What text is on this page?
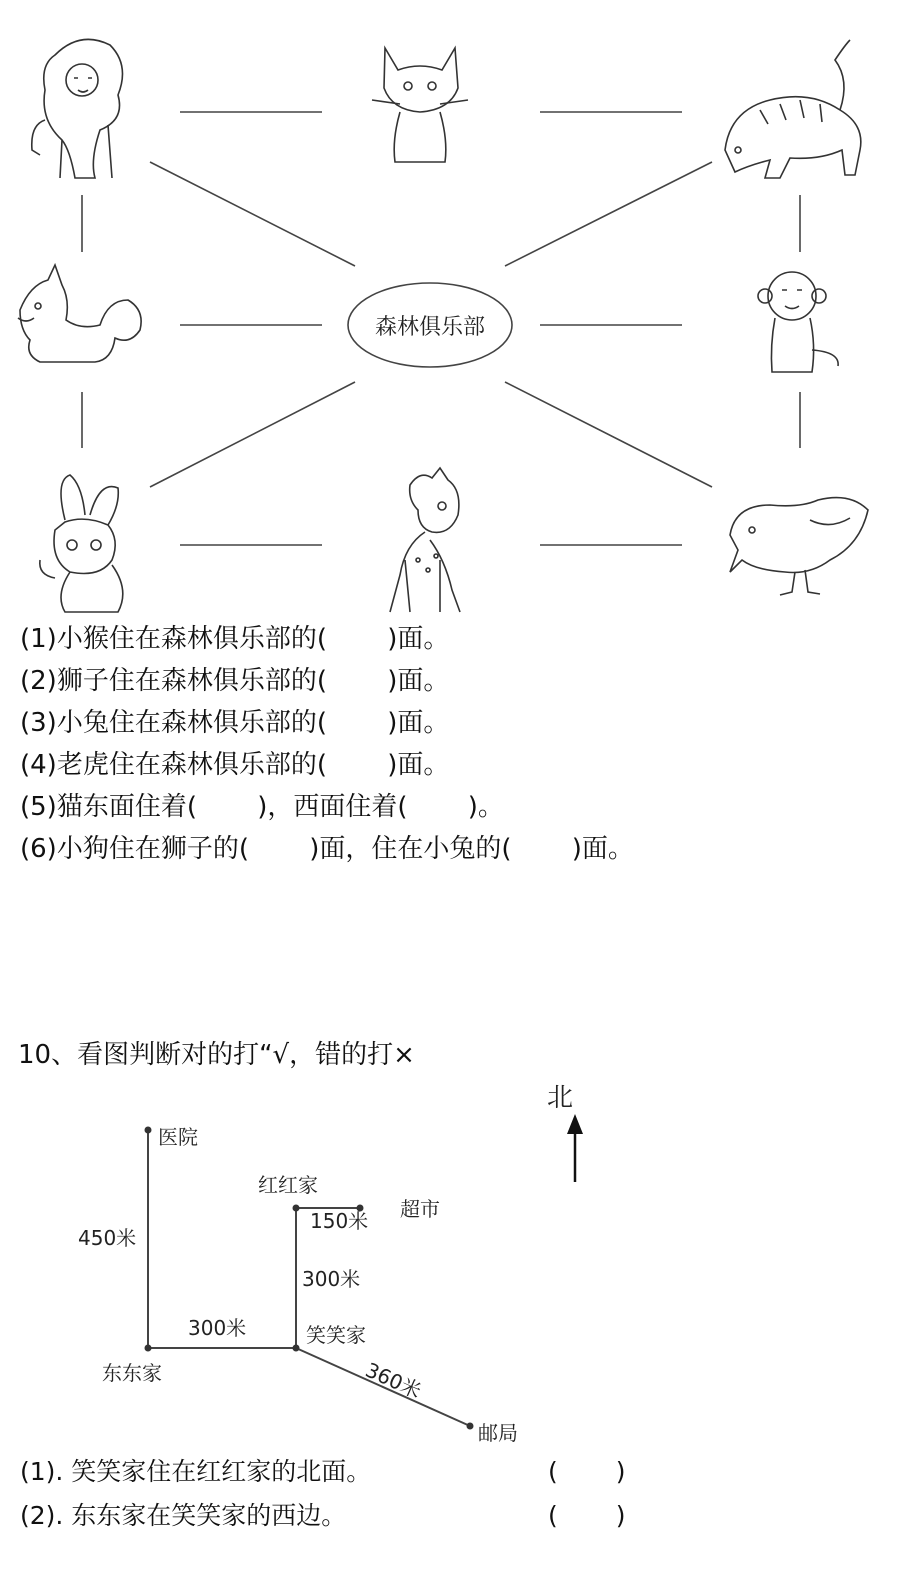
森林俱乐部
(1)小猴住在森林俱乐部的(　　 )面。
(2)狮子住在森林俱乐部的(　　 )面。
(3)小兔住在森林俱乐部的(　　 )面。
(4)老虎住在森林俱乐部的(　　 )面。
(5)猫东面住着(　　 )，西面住着(　　 )。
(6)小狗住在狮子的(　　 )面，住在小兔的(　　 )面。
10、看图判断对的打“√，错的打×
北
医院
红红家
超市
笑笑家
东东家
邮局
450米
150米
300米
300米
360米
(1). 笑笑家住在红红家的北面。	(　　 )
(2). 东东家在笑笑家的西边。	(　　 )
